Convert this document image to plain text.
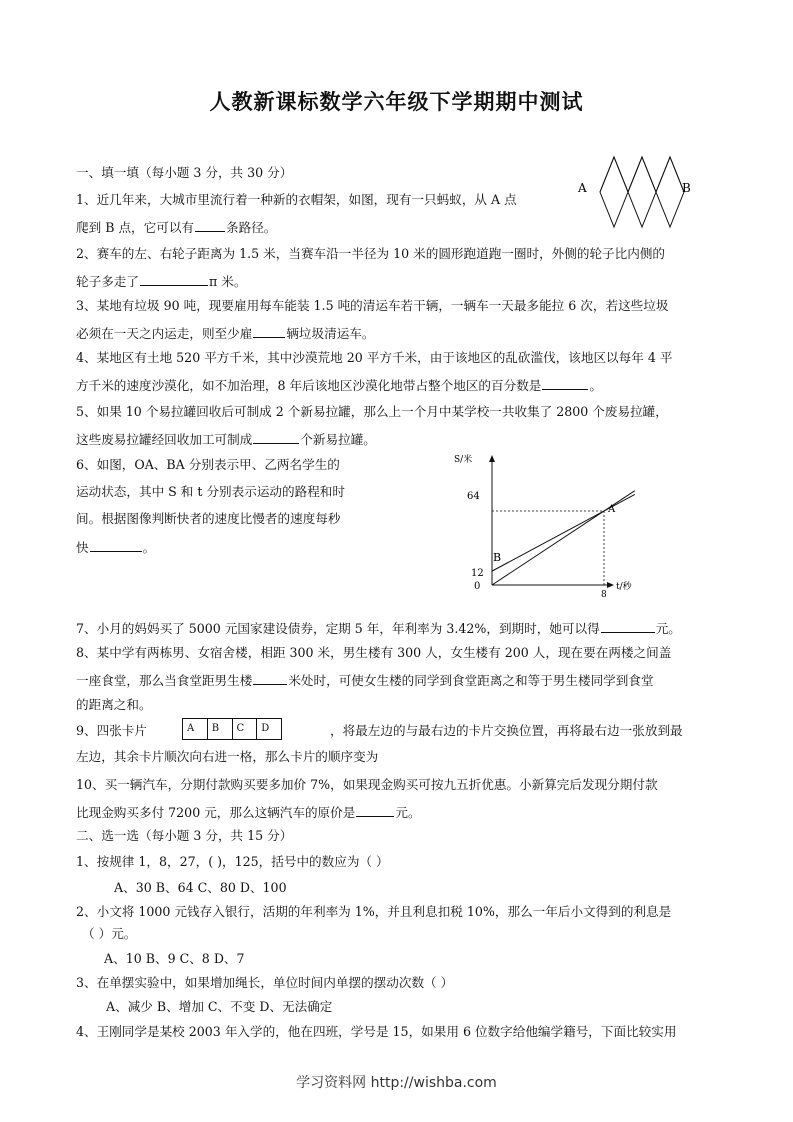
人教新课标数学六年级下学期期中测试
一、填一填（每小题 3 分，共 30 分）
1、近几年来，大城市里流行着一种新的衣帽架，如图，现有一只蚂蚁，从 A 点
爬到 B 点，它可以有	条路径。
A	B
2、赛车的左、右轮子距离为 1.5 米，当赛车沿一半径为 10 米的圆形跑道跑一圈时，外侧的轮子比内侧的
轮子多走了	π 米。
3、某地有垃圾 90 吨，现要雇用每车能装 1.5 吨的清运车若干辆，一辆车一天最多能拉 6 次，若这些垃圾
必须在一天之内运走，则至少雇	辆垃圾清运车。
4、某地区有土地 520 平方千米，其中沙漠荒地 20 平方千米，由于该地区的乱砍滥伐，该地区以每年 4 平
方千米的速度沙漠化，如不加治理，8 年后该地区沙漠化地带占整个地区的百分数是	。
5、如果 10 个易拉罐回收后可制成 2 个新易拉罐，那么上一个月中某学校一共收集了 2800 个废易拉罐，
这些废易拉罐经回收加工可制成	个新易拉罐。
6、如图，OA、BA 分别表示甲、乙两名学生的
运动状态，其中 S 和 t 分别表示运动的路程和时
间。根据图像判断快者的速度比慢者的速度每秒
快	。
S/米
64
12
0
8
t/秒
A
B
7、小月的妈妈买了 5000 元国家建设债券，定期 5 年，年利率为 3.42%，到期时，她可以得	元。
8、某中学有两栋男、女宿舍楼，相距 300 米，男生楼有 300 人，女生楼有 200 人，现在要在两楼之间盖
一座食堂，那么当食堂距男生楼	米处时，可使女生楼的同学到食堂距离之和等于男生楼同学到食堂
的距离之和。
9、四张卡片	A	B	C	D	，将最左边的与最右边的卡片交换位置，再将最右边一张放到最
左边，其余卡片顺次向右进一格，那么卡片的顺序变为
10、买一辆汽车，分期付款购买要多加价 7%，如果现金购买可按九五折优惠。小新算完后发现分期付款
比现金购买多付 7200 元，那么这辆汽车的原价是	元。
二、选一选（每小题 3 分，共 15 分）
1、按规律 1，8，27，( )，125，括号中的数应为（ ）
A、30 B、64 C、80 D、100
2、小文将 1000 元钱存入银行，活期的年利率为 1%，并且利息扣税 10%，那么一年后小文得到的利息是
（ ）元。
A、10 B、9 C、8 D、7
3、在单摆实验中，如果增加绳长，单位时间内单摆的摆动次数（ ）
A、减少 B、增加 C、不变 D、无法确定
4、王刚同学是某校 2003 年入学的，他在四班，学号是 15，如果用 6 位数字给他编学籍号，下面比较实用
学习资料网 http://wishba.com
